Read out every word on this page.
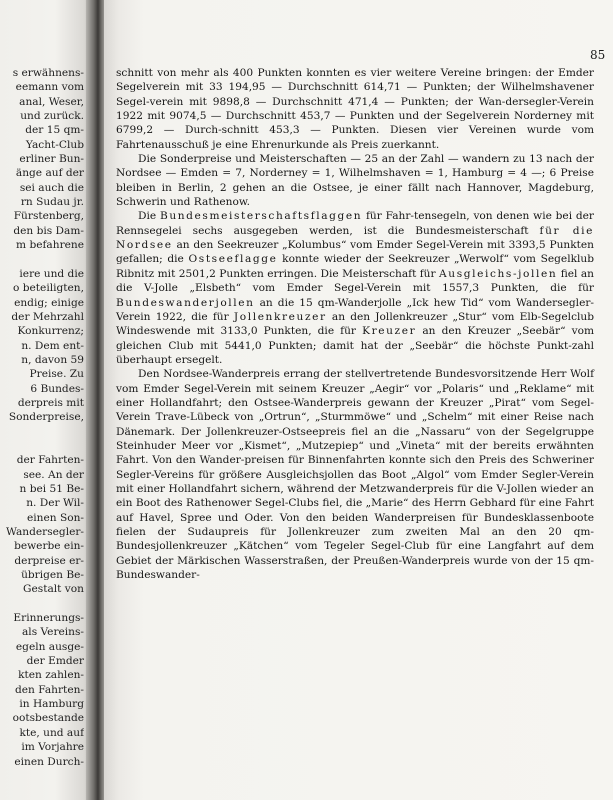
s erwähnens-
eemann vom
anal, Weser,
und zurück.
der 15 qm-
Yacht-Club
erliner Bun-
änge auf der
sei auch die
rn Sudau jr.
Fürstenberg,
den bis Dam-
m befahrene
iere und die
o beteiligten,
endig; einige
der Mehrzahl
Konkurrenz;
n. Dem ent-
n, davon 59
Preise. Zu
6 Bundes-
derpreis mit
Sonderpreise,
der Fahrten-
see. An der
n bei 51 Be-
n. Der Wil-
einen Son-
Wandersegler-
bewerbe ein-
derpreise er-
übrigen Be-
Gestalt von
Erinnerungs-
als Vereins-
egeln ausge-
der Emder
kten zahlen-
den Fahrten-
in Hamburg
ootsbestande
kte, und auf
im Vorjahre
einen Durch-
85

schnitt von mehr als 400 Punkten konnten es vier weitere Vereine bringen: der Emder Segelverein mit 33 194,95 — Durchschnitt 614,71 — Punkten; der Wilhelmshavener Segel-verein mit 9898,8 — Durchschnitt 471,4 — Punkten; der Wan-dersegler-Verein 1922 mit 9074,5 — Durchschnitt 453,7 — Punkten und der Segelverein Norderney mit 6799,2 — Durch-schnitt 453,3 — Punkten. Diesen vier Vereinen wurde vom Fahrtenausschuß je eine Ehrenurkunde als Preis zuerkannt.

Die Sonderpreise und Meisterschaften — 25 an der Zahl — wandern zu 13 nach der Nordsee — Emden = 7, Norderney = 1, Wilhelmshaven = 1, Hamburg = 4 —; 6 Preise bleiben in Berlin, 2 gehen an die Ostsee, je einer fällt nach Hannover, Magdeburg, Schwerin und Rathenow.

Die Bundesmeisterschaftsflaggen für Fahr-tensegeln, von denen wie bei der Rennsegelei sechs ausgegeben werden, ist die Bundesmeisterschaft für die Nordsee an den Seekreuzer „Kolumbus“ vom Emder Segel-Verein mit 3393,5 Punkten gefallen; die Ostseeflagge konnte wieder der Seekreuzer „Werwolf“ vom Segelklub Ribnitz mit 2501,2 Punkten erringen. Die Meisterschaft für Ausgleichs-jollen fiel an die V-Jolle „Elsbeth“ vom Emder Segel-Verein mit 1557,3 Punkten, die für Bundeswanderjollen an die 15 qm-Wanderjolle „Ick hew Tid“ vom Wandersegler-Verein 1922, die für Jollenkreuzer an den Jollenkreuzer „Stur“ vom Elb-Segelclub Windeswende mit 3133,0 Punkten, die für Kreuzer an den Kreuzer „Seebär“ vom gleichen Club mit 5441,0 Punkten; damit hat der „Seebär“ die höchste Punkt-zahl überhaupt ersegelt.

Den Nordsee-Wanderpreis errang der stellvertretende Bundesvorsitzende Herr Wolf vom Emder Segel-Verein mit seinem Kreuzer „Aegir“ vor „Polaris“ und „Reklame“ mit einer Hollandfahrt; den Ostsee-Wanderpreis gewann der Kreuzer „Pirat“ vom Segel-Verein Trave-Lübeck von „Ortrun“, „Sturmmöwe“ und „Schelm“ mit einer Reise nach Dänemark. Der Jollenkreuzer-Ostseepreis fiel an die „Nassaru“ von der Segelgruppe Steinhuder Meer vor „Kismet“, „Mutzepiep“ und „Vineta“ mit der bereits erwähnten Fahrt. Von den Wander-preisen für Binnenfahrten konnte sich den Preis des Schweriner Segler-Vereins für größere Ausgleichsjollen das Boot „Algol“ vom Emder Segler-Verein mit einer Hollandfahrt sichern, während der Metzwanderpreis für die V-Jollen wieder an ein Boot des Rathenower Segel-Clubs fiel, die „Marie“ des Herrn Gebhard für eine Fahrt auf Havel, Spree und Oder. Von den beiden Wanderpreisen für Bundesklassenboote fielen der Sudaupreis für Jollenkreuzer zum zweiten Mal an den 20 qm-Bundesjollenkreuzer „Kätchen“ vom Tegeler Segel-Club für eine Langfahrt auf dem Gebiet der Märkischen Wasserstraßen, der Preußen-Wanderpreis wurde von der 15 qm-Bundeswander-
